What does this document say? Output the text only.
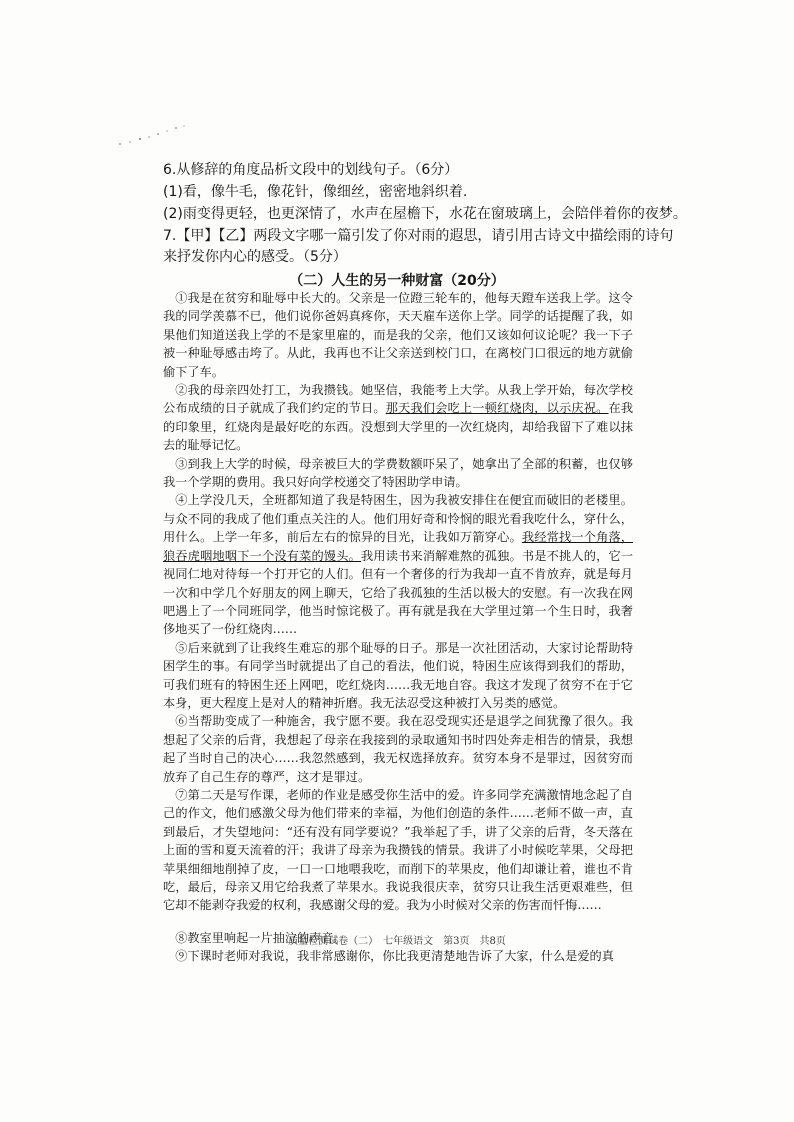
6.从修辞的角度品析文段中的划线句子。（6分）
(1)看，像牛毛，像花针，像细丝，密密地斜织着.
(2)雨变得更轻，也更深情了，水声在屋檐下，水花在窗玻璃上，会陪伴着你的夜梦。
7.【甲】【乙】两段文字哪一篇引发了你对雨的遐思，请引用古诗文中描绘雨的诗句
来抒发你内心的感受。（5分）
（二）人生的另一种财富（20分）

①我是在贫穷和耻辱中长大的。父亲是一位蹬三轮车的，他每天蹬车送我上学。这令我的同学羡慕不已，他们说你爸妈真疼你，天天雇车送你上学。同学的话提醒了我，如果他们知道送我上学的不是家里雇的，而是我的父亲，他们又该如何议论呢？我一下子被一种耻辱感击垮了。从此，我再也不让父亲送到校门口，在离校门口很远的地方就偷偷下了车。

②我的母亲四处打工，为我攒钱。她坚信，我能考上大学。从我上学开始，每次学校公布成绩的日子就成了我们约定的节日。那天我们会吃上一顿红烧肉，以示庆祝。在我的印象里，红烧肉是最好吃的东西。没想到大学里的一次红烧肉，却给我留下了难以抹去的耻辱记忆。

③到我上大学的时候，母亲被巨大的学费数额吓呆了，她拿出了全部的积蓄，也仅够我一个学期的费用。我只好向学校递交了特困助学申请。

④上学没几天，全班都知道了我是特困生，因为我被安排住在便宜而破旧的老楼里。与众不同的我成了他们重点关注的人。他们用好奇和怜悯的眼光看我吃什么，穿什么，用什么。上学一年多，前后左右的惊异的目光，让我如万箭穿心。我经常找一个角落，狼吞虎咽地咽下一个没有菜的馒头。我用读书来消解难熬的孤独。书是不挑人的，它一视同仁地对待每一个打开它的人们。但有一个奢侈的行为我却一直不肯放弃，就是每月一次和中学几个好朋友的网上聊天，它给了我孤独的生活以极大的安慰。有一次我在网吧遇上了一个同班同学，他当时惊诧极了。再有就是我在大学里过第一个生日时，我奢侈地买了一份红烧肉……

⑤后来就到了让我终生难忘的那个耻辱的日子。那是一次社团活动，大家讨论帮助特困学生的事。有同学当时就提出了自己的看法，他们说，特困生应该得到我们的帮助，可我们班有的特困生还上网吧，吃红烧肉……我无地自容。我这才发现了贫穷不在于它本身，更大程度上是对人的精神折磨。我无法忍受这种被打入另类的感觉。

⑥当帮助变成了一种施舍，我宁愿不要。我在忍受现实还是退学之间犹豫了很久。我想起了父亲的后背，我想起了母亲在我接到的录取通知书时四处奔走相告的情景，我想起了当时自己的决心……我忽然感到，我无权选择放弃。贫穷本身不是罪过，因贫穷而放弃了自己生存的尊严，这才是罪过。

⑦第二天是写作课，老师的作业是感受你生活中的爱。许多同学充满激情地念起了自己的作文，他们感激父母为他们带来的幸福，为他们创造的条件……老师不做一声，直到最后，才失望地问：“还有没有同学要说？”我举起了手，讲了父亲的后背，冬天落在上面的雪和夏天流着的汗；我讲了母亲为我攒钱的情景。我讲了小时候吃苹果，父母把苹果细细地削掉了皮，一口一口地喂我吃，而削下的苹果皮，他们却谦让着，谁也不肯吃，最后，母亲又用它给我煮了苹果水。我说我很庆幸，贫穷只让我生活更艰难些，但它却不能剥夺我爱的权利，我感谢父母的爱。我为小时候对父亲的伤害而忏悔……

⑧教室里响起一片抽泣的声音。

⑨下课时老师对我说，我非常感谢你，你比我更清楚地告诉了大家，什么是爱的真

质量检测试卷（二）　七年级语文　第3页　共8页
